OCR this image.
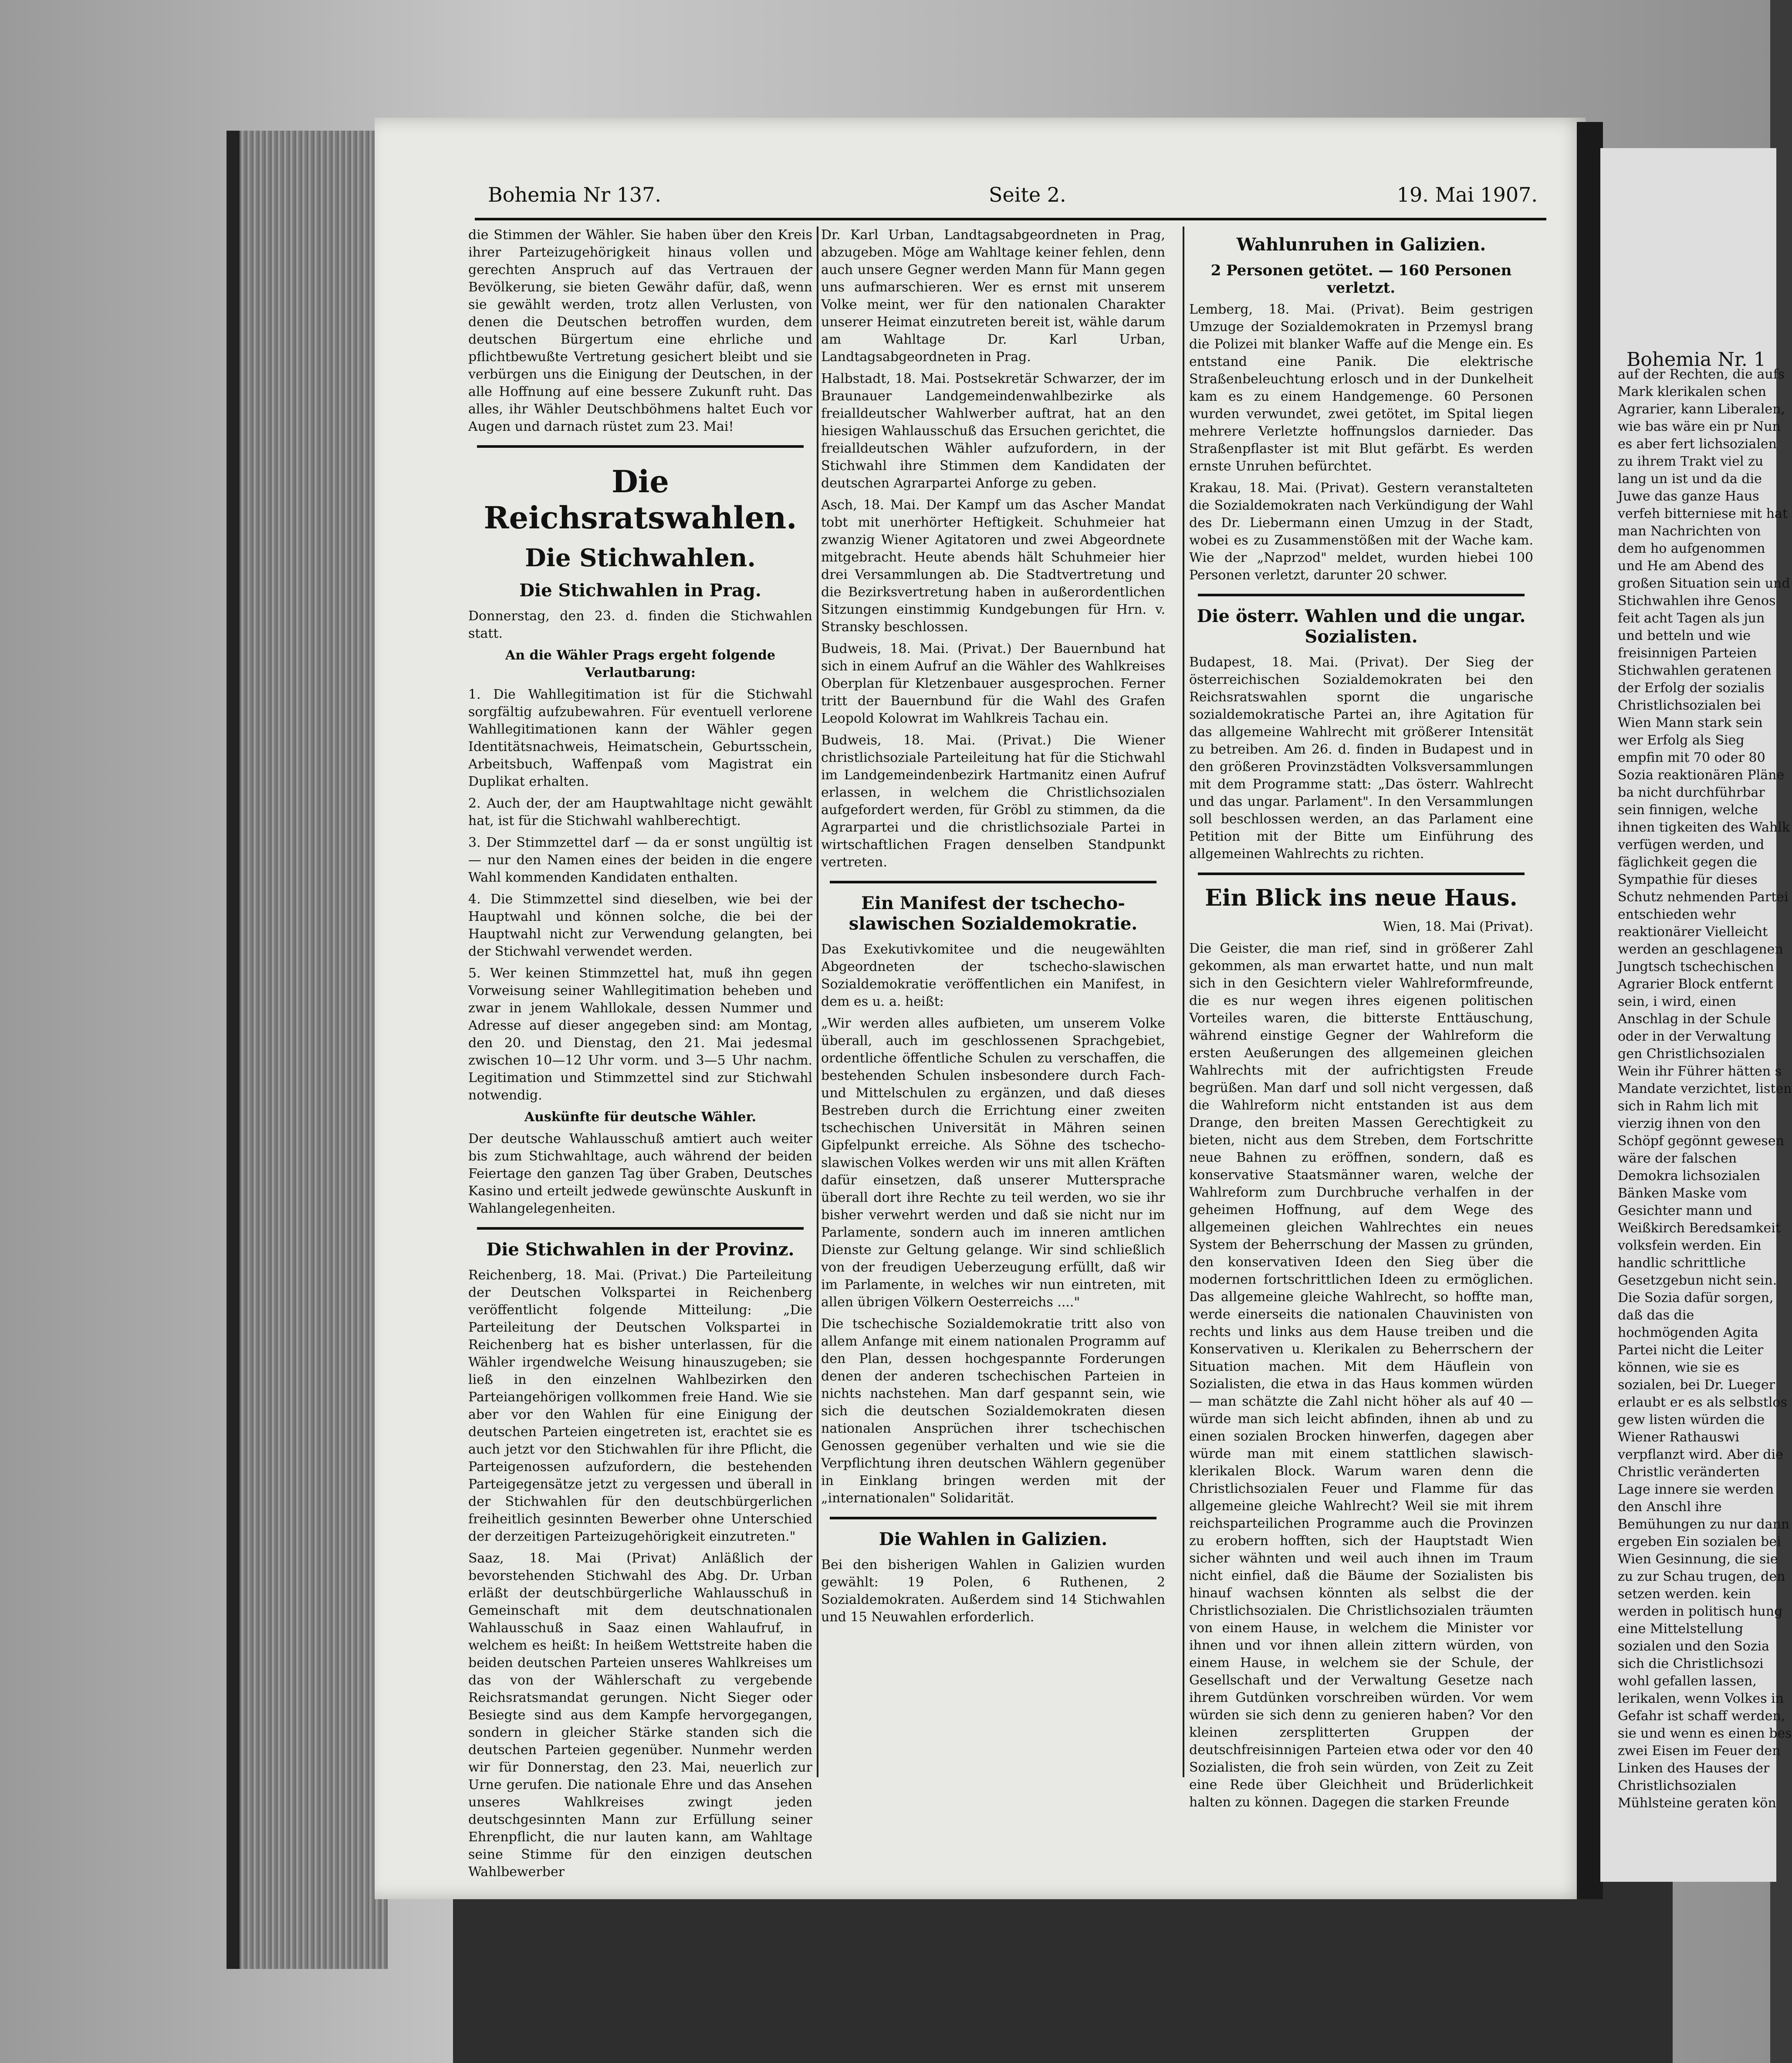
Bohemia Nr. 1
auf der Rechten, die aufs Mark klerikalen schen Agrarier, kann Liberalen, wie bas wäre ein pr Nun es aber fert lichsozialen zu ihrem Trakt viel zu lang un ist und da die Juwe das ganze Haus verfeh bitterniese mit hat man Nachrichten von dem ho aufgenommen und He am Abend des großen Situation sein und Stichwahlen ihre Genos feit acht Tagen als jun und betteln und wie freisinnigen Parteien Stichwahlen geratenen der Erfolg der sozialis Christlichsozialen bei Wien Mann stark sein wer Erfolg als Sieg empfin mit 70 oder 80 Sozia reaktionären Pläne ba nicht durchführbar sein finnigen, welche ihnen tigkeiten des Wahlk verfügen werden, und fäglichkeit gegen die Sympathie für dieses Schutz nehmenden Partei entschieden wehr reaktionärer Vielleicht werden an geschlagenen Jungtsch tschechischen Agrarier Block entfernt sein, i wird, einen Anschlag in der Schule oder in der Verwaltung gen Christlichsozialen Wein ihr Führer hätten s Mandate verzichtet, listen sich in Rahm lich mit vierzig ihnen von den Schöpf gegönnt gewesen wäre der falschen Demokra lichsozialen Bänken Maske vom Gesichter mann und Weißkirch Beredsamkeit volksfein werden. Ein handlic schrittliche Gesetzgebun nicht sein. Die Sozia dafür sorgen, daß das die hochmögenden Agita Partei nicht die Leiter können, wie sie es sozialen, bei Dr. Lueger erlaubt er es als selbstlos gew listen würden die Wiener Rathauswi verpflanzt wird. Aber die Christlic veränderten Lage innere sie werden den Anschl ihre Bemühungen zu nur dann ergeben Ein sozialen bei Wien Gesinnung, die sie zu zur Schau trugen, den setzen werden. kein werden in politisch hung eine Mittelstellung sozialen und den Sozia sich die Christlichsozi wohl gefallen lassen, lerikalen, wenn Volkes in Gefahr ist schaff werden, sie und wenn es einen bes zwei Eisen im Feuer den Linken des Hauses der Christlichsozialen Mühlsteine geraten kön
Bohemia Nr 137.	Seite 2.	19. Mai 1907.

die Stimmen der Wähler. Sie haben über den Kreis ihrer Parteizugehörigkeit hinaus vollen und gerechten Anspruch auf das Vertrauen der Bevölkerung, sie bieten Gewähr dafür, daß, wenn sie gewählt werden, trotz allen Verlusten, von denen die Deutschen betroffen wurden, dem deutschen Bürgertum eine ehrliche und pflichtbewußte Vertretung gesichert bleibt und sie verbürgen uns die Einigung der Deutschen, in der alle Hoffnung auf eine bessere Zukunft ruht. Das alles, ihr Wähler Deutschböhmens haltet Euch vor Augen und darnach rüstet zum 23. Mai!

Die Reichsratswahlen.
Die Stichwahlen.
Die Stichwahlen in Prag.

Donnerstag, den 23. d. finden die Stichwahlen statt.

An die Wähler Prags ergeht folgende Verlautbarung:

1. Die Wahllegitimation ist für die Stichwahl sorgfältig aufzubewahren. Für eventuell verlorene Wahllegitimationen kann der Wähler gegen Identitätsnachweis, Heimatschein, Geburtsschein, Arbeitsbuch, Waffenpaß vom Magistrat ein Duplikat erhalten.

2. Auch der, der am Hauptwahltage nicht gewählt hat, ist für die Stichwahl wahlberechtigt.

3. Der Stimmzettel darf — da er sonst ungültig ist — nur den Namen eines der beiden in die engere Wahl kommenden Kandidaten enthalten.

4. Die Stimmzettel sind dieselben, wie bei der Hauptwahl und können solche, die bei der Hauptwahl nicht zur Verwendung gelangten, bei der Stichwahl verwendet werden.

5. Wer keinen Stimmzettel hat, muß ihn gegen Vorweisung seiner Wahllegitimation beheben und zwar in jenem Wahllokale, dessen Nummer und Adresse auf dieser angegeben sind: am Montag, den 20. und Dienstag, den 21. Mai jedesmal zwischen 10—12 Uhr vorm. und 3—5 Uhr nachm. Legitimation und Stimmzettel sind zur Stichwahl notwendig.

Auskünfte für deutsche Wähler.

Der deutsche Wahlausschuß amtiert auch weiter bis zum Stichwahltage, auch während der beiden Feiertage den ganzen Tag über Graben, Deutsches Kasino und erteilt jedwede gewünschte Auskunft in Wahlangelegenheiten.

Die Stichwahlen in der Provinz.

Reichenberg, 18. Mai. (Privat.) Die Parteileitung der Deutschen Volkspartei in Reichenberg veröffentlicht folgende Mitteilung: „Die Parteileitung der Deutschen Volkspartei in Reichenberg hat es bisher unterlassen, für die Wähler irgendwelche Weisung hinauszugeben; sie ließ in den einzelnen Wahlbezirken den Parteiangehörigen vollkommen freie Hand. Wie sie aber vor den Wahlen für eine Einigung der deutschen Parteien eingetreten ist, erachtet sie es auch jetzt vor den Stichwahlen für ihre Pflicht, die Parteigenossen aufzufordern, die bestehenden Parteigegensätze jetzt zu vergessen und überall in der Stichwahlen für den deutschbürgerlichen freiheitlich gesinnten Bewerber ohne Unterschied der derzeitigen Parteizugehörigkeit einzutreten."

Saaz, 18. Mai (Privat) Anläßlich der bevorstehenden Stichwahl des Abg. Dr. Urban erläßt der deutschbürgerliche Wahlausschuß in Gemeinschaft mit dem deutschnationalen Wahlausschuß in Saaz einen Wahlaufruf, in welchem es heißt: In heißem Wettstreite haben die beiden deutschen Parteien unseres Wahlkreises um das von der Wählerschaft zu vergebende Reichsratsmandat gerungen. Nicht Sieger oder Besiegte sind aus dem Kampfe hervorgegangen, sondern in gleicher Stärke standen sich die deutschen Parteien gegenüber. Nunmehr werden wir für Donnerstag, den 23. Mai, neuerlich zur Urne gerufen. Die nationale Ehre und das Ansehen unseres Wahlkreises zwingt jeden deutschgesinnten Mann zur Erfüllung seiner Ehrenpflicht, die nur lauten kann, am Wahltage seine Stimme für den einzigen deutschen Wahlbewerber

Dr. Karl Urban, Landtagsabgeordneten in Prag, abzugeben. Möge am Wahltage keiner fehlen, denn auch unsere Gegner werden Mann für Mann gegen uns aufmarschieren. Wer es ernst mit unserem Volke meint, wer für den nationalen Charakter unserer Heimat einzutreten bereit ist, wähle darum am Wahltage Dr. Karl Urban, Landtagsabgeordneten in Prag.

Halbstadt, 18. Mai. Postsekretär Schwarzer, der im Braunauer Landgemeindenwahlbezirke als freialldeutscher Wahlwerber auftrat, hat an den hiesigen Wahlausschuß das Ersuchen gerichtet, die freialldeutschen Wähler aufzufordern, in der Stichwahl ihre Stimmen dem Kandidaten der deutschen Agrarpartei Anforge zu geben.

Asch, 18. Mai. Der Kampf um das Ascher Mandat tobt mit unerhörter Heftigkeit. Schuhmeier hat zwanzig Wiener Agitatoren und zwei Abgeordnete mitgebracht. Heute abends hält Schuhmeier hier drei Versammlungen ab. Die Stadtvertretung und die Bezirksvertretung haben in außerordentlichen Sitzungen einstimmig Kundgebungen für Hrn. v. Stransky beschlossen.

Budweis, 18. Mai. (Privat.) Der Bauernbund hat sich in einem Aufruf an die Wähler des Wahlkreises Oberplan für Kletzenbauer ausgesprochen. Ferner tritt der Bauernbund für die Wahl des Grafen Leopold Kolowrat im Wahlkreis Tachau ein.

Budweis, 18. Mai. (Privat.) Die Wiener christlichsoziale Parteileitung hat für die Stichwahl im Landgemeindenbezirk Hartmanitz einen Aufruf erlassen, in welchem die Christlichsozialen aufgefordert werden, für Gröbl zu stimmen, da die Agrarpartei und die christlichsoziale Partei in wirtschaftlichen Fragen denselben Standpunkt vertreten.

Ein Manifest der tschecho-slawischen Sozialdemokratie.

Das Exekutivkomitee und die neugewählten Abgeordneten der tschecho-slawischen Sozialdemokratie veröffentlichen ein Manifest, in dem es u. a. heißt:

„Wir werden alles aufbieten, um unserem Volke überall, auch im geschlossenen Sprachgebiet, ordentliche öffentliche Schulen zu verschaffen, die bestehenden Schulen insbesondere durch Fach- und Mittelschulen zu ergänzen, und daß dieses Bestreben durch die Errichtung einer zweiten tschechischen Universität in Mähren seinen Gipfelpunkt erreiche. Als Söhne des tschecho-slawischen Volkes werden wir uns mit allen Kräften dafür einsetzen, daß unserer Muttersprache überall dort ihre Rechte zu teil werden, wo sie ihr bisher verwehrt werden und daß sie nicht nur im Parlamente, sondern auch im inneren amtlichen Dienste zur Geltung gelange. Wir sind schließlich von der freudigen Ueberzeugung erfüllt, daß wir im Parlamente, in welches wir nun eintreten, mit allen übrigen Völkern Oesterreichs ...."

Die tschechische Sozialdemokratie tritt also von allem Anfange mit einem nationalen Programm auf den Plan, dessen hochgespannte Forderungen denen der anderen tschechischen Parteien in nichts nachstehen. Man darf gespannt sein, wie sich die deutschen Sozialdemokraten diesen nationalen Ansprüchen ihrer tschechischen Genossen gegenüber verhalten und wie sie die Verpflichtung ihren deutschen Wählern gegenüber in Einklang bringen werden mit der „internationalen" Solidarität.

Die Wahlen in Galizien.

Bei den bisherigen Wahlen in Galizien wurden gewählt: 19 Polen, 6 Ruthenen, 2 Sozialdemokraten. Außerdem sind 14 Stichwahlen und 15 Neuwahlen erforderlich.

Wahlunruhen in Galizien.

2 Personen getötet. — 160 Personen verletzt.

Lemberg, 18. Mai. (Privat). Beim gestrigen Umzuge der Sozialdemokraten in Przemysl brang die Polizei mit blanker Waffe auf die Menge ein. Es entstand eine Panik. Die elektrische Straßenbeleuchtung erlosch und in der Dunkelheit kam es zu einem Handgemenge. 60 Personen wurden verwundet, zwei getötet, im Spital liegen mehrere Verletzte hoffnungslos darnieder. Das Straßenpflaster ist mit Blut gefärbt. Es werden ernste Unruhen befürchtet.

Krakau, 18. Mai. (Privat). Gestern veranstalteten die Sozialdemokraten nach Verkündigung der Wahl des Dr. Liebermann einen Umzug in der Stadt, wobei es zu Zusammenstößen mit der Wache kam. Wie der „Naprzod" meldet, wurden hiebei 100 Personen verletzt, darunter 20 schwer.

Die österr. Wahlen und die ungar. Sozialisten.

Budapest, 18. Mai. (Privat). Der Sieg der österreichischen Sozialdemokraten bei den Reichsratswahlen spornt die ungarische sozialdemokratische Partei an, ihre Agitation für das allgemeine Wahlrecht mit größerer Intensität zu betreiben. Am 26. d. finden in Budapest und in den größeren Provinzstädten Volksversammlungen mit dem Programme statt: „Das österr. Wahlrecht und das ungar. Parlament". In den Versammlungen soll beschlossen werden, an das Parlament eine Petition mit der Bitte um Einführung des allgemeinen Wahlrechts zu richten.

Ein Blick ins neue Haus.

Wien, 18. Mai (Privat).

Die Geister, die man rief, sind in größerer Zahl gekommen, als man erwartet hatte, und nun malt sich in den Gesichtern vieler Wahlreformfreunde, die es nur wegen ihres eigenen politischen Vorteiles waren, die bitterste Enttäuschung, während einstige Gegner der Wahlreform die ersten Aeußerungen des allgemeinen gleichen Wahlrechts mit der aufrichtigsten Freude begrüßen. Man darf und soll nicht vergessen, daß die Wahlreform nicht entstanden ist aus dem Drange, den breiten Massen Gerechtigkeit zu bieten, nicht aus dem Streben, dem Fortschritte neue Bahnen zu eröffnen, sondern, daß es konservative Staatsmänner waren, welche der Wahlreform zum Durchbruche verhalfen in der geheimen Hoffnung, auf dem Wege des allgemeinen gleichen Wahlrechtes ein neues System der Beherrschung der Massen zu gründen, den konservativen Ideen den Sieg über die modernen fortschrittlichen Ideen zu ermöglichen. Das allgemeine gleiche Wahlrecht, so hoffte man, werde einerseits die nationalen Chauvinisten von rechts und links aus dem Hause treiben und die Konservativen u. Klerikalen zu Beherrschern der Situation machen. Mit dem Häuflein von Sozialisten, die etwa in das Haus kommen würden — man schätzte die Zahl nicht höher als auf 40 — würde man sich leicht abfinden, ihnen ab und zu einen sozialen Brocken hinwerfen, dagegen aber würde man mit einem stattlichen slawisch-klerikalen Block. Warum waren denn die Christlichsozialen Feuer und Flamme für das allgemeine gleiche Wahlrecht? Weil sie mit ihrem reichsparteilichen Programme auch die Provinzen zu erobern hofften, sich der Hauptstadt Wien sicher wähnten und weil auch ihnen im Traum nicht einfiel, daß die Bäume der Sozialisten bis hinauf wachsen könnten als selbst die der Christlichsozialen. Die Christlichsozialen träumten von einem Hause, in welchem die Minister vor ihnen und vor ihnen allein zittern würden, von einem Hause, in welchem sie der Schule, der Gesellschaft und der Verwaltung Gesetze nach ihrem Gutdünken vorschreiben würden. Vor wem würden sie sich denn zu genieren haben? Vor den kleinen zersplitterten Gruppen der deutschfreisinnigen Parteien etwa oder vor den 40 Sozialisten, die froh sein würden, von Zeit zu Zeit eine Rede über Gleichheit und Brüderlichkeit halten zu können. Dagegen die starken Freunde
